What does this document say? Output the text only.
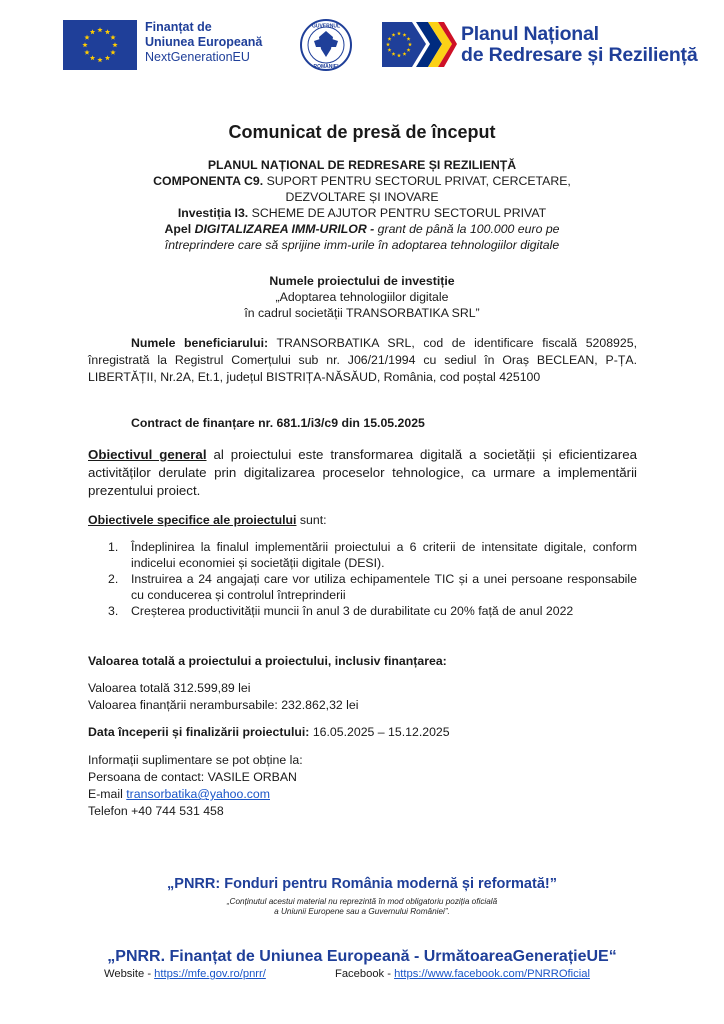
Finanțat de
Uniunea Europeană
NextGenerationEU
GUVERNUL
ROMÂNIEI
Planul Național
de Redresare și Reziliență
Comunicat de presă de început
PLANUL NAȚIONAL DE REDRESARE ȘI REZILIENȚĂ
COMPONENTA C9. SUPORT PENTRU SECTORUL PRIVAT, CERCETARE,
DEZVOLTARE ȘI INOVARE
Investiția I3. SCHEME DE AJUTOR PENTRU SECTORUL PRIVAT
Apel DIGITALIZAREA IMM-URILOR - grant de până la 100.000 euro pe
întreprindere care să sprijine imm-urile în adoptarea tehnologiilor digitale
Numele proiectului de investiție
„Adoptarea tehnologiilor digitale
în cadrul societății TRANSORBATIKA SRL”
Numele beneficiarului: TRANSORBATIKA SRL, cod de identificare fiscală 5208925, înregistrată la Registrul Comerțului sub nr. J06/21/1994 cu sediul în Oraș BECLEAN, P-ȚA. LIBERTĂȚII, Nr.2A, Et.1, județul BISTRIȚA-NĂSĂUD, România, cod poștal 425100
Contract de finanțare nr. 681.1/i3/c9 din 15.05.2025
Obiectivul general al proiectului este transformarea digitală a societății și eficientizarea activităților derulate prin digitalizarea proceselor tehnologice, ca urmare a implementării prezentului proiect.
Obiectivele specifice ale proiectului sunt:
1. Îndeplinirea la finalul implementării proiectului a 6 criterii de intensitate digitale, conform indicelui economiei și societății digitale (DESI).
2. Instruirea a 24 angajați care vor utiliza echipamentele TIC și a unei persoane responsabile cu conducerea și controlul întreprinderii
3. Creșterea productivității muncii în anul 3 de durabilitate cu 20% față de anul 2022
Valoarea totală a proiectului a proiectului, inclusiv finanțarea:
Valoarea totală 312.599,89 lei
Valoarea finanțării nerambursabile: 232.862,32 lei
Data începerii și finalizării proiectului: 16.05.2025 – 15.12.2025
Informații suplimentare se pot obține la:
Persoana de contact: VASILE ORBAN
E-mail transorbatika@yahoo.com
Telefon +40 744 531 458
„PNRR: Fonduri pentru România modernă și reformată!”
„Conținutul acestui material nu reprezintă în mod obligatoriu poziția oficială
a Uniunii Europene sau a Guvernului României”.
„PNRR. Finanțat de Uniunea Europeană - UrmătoareaGenerațieUE“
Website - https://mfe.gov.ro/pnrr/	Facebook - https://www.facebook.com/PNRROficial
